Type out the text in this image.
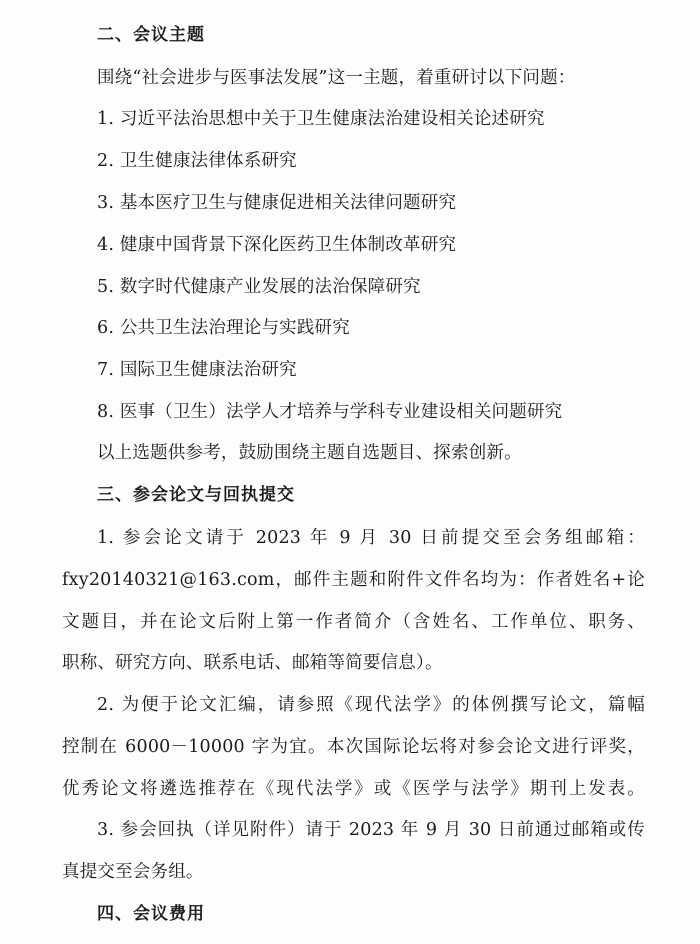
二、会议主题
围绕“社会进步与医事法发展”这一主题，着重研讨以下问题：
1. 习近平法治思想中关于卫生健康法治建设相关论述研究
2. 卫生健康法律体系研究
3. 基本医疗卫生与健康促进相关法律问题研究
4. 健康中国背景下深化医药卫生体制改革研究
5. 数字时代健康产业发展的法治保障研究
6. 公共卫生法治理论与实践研究
7. 国际卫生健康法治研究
8. 医事（卫生）法学人才培养与学科专业建设相关问题研究
以上选题供参考，鼓励围绕主题自选题目、探索创新。
三、参会论文与回执提交
1. 参会论文请于 2023 年 9 月 30 日前提交至会务组邮箱：
fxy20140321@163.com，邮件主题和附件文件名均为：作者姓名+论
文题目，并在论文后附上第一作者简介（含姓名、工作单位、职务、
职称、研究方向、联系电话、邮箱等简要信息）。
2. 为便于论文汇编，请参照《现代法学》的体例撰写论文，篇幅
控制在 6000－10000 字为宜。本次国际论坛将对参会论文进行评奖，
优秀论文将遴选推荐在《现代法学》或《医学与法学》期刊上发表。
3. 参会回执（详见附件）请于 2023 年 9 月 30 日前通过邮箱或传
真提交至会务组。
四、会议费用
